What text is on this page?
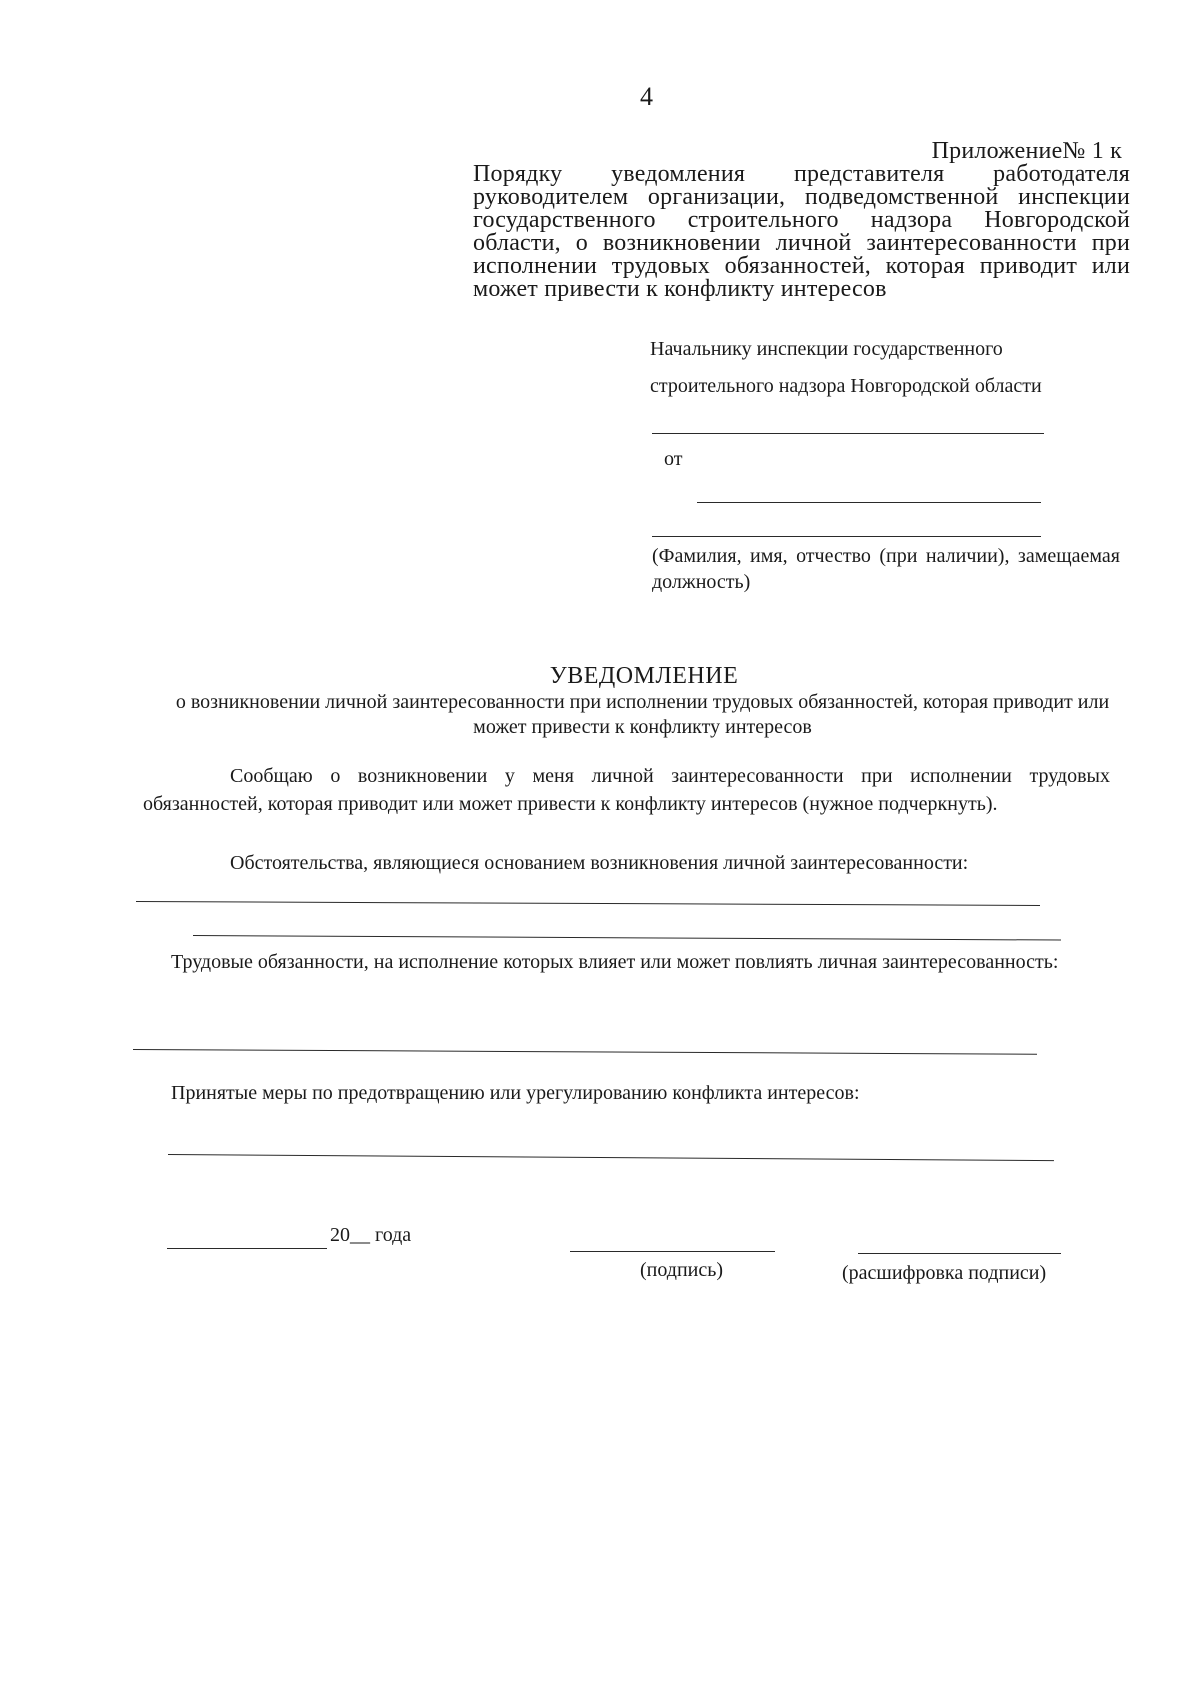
4
Приложение№ 1 к
Порядку уведомления представителя работодателя руководителем организации, подведомственной инспекции государственного строительного надзора Новгородской области, о возникновении личной заинтересованности при исполнении трудовых обязанностей, которая приводит или может привести к конфликту интересов
Начальнику инспекции государственного
строительного надзора Новгородской области
от
(Фамилия, имя, отчество (при наличии), замещаемая должность)
УВЕДОМЛЕНИЕ
о возникновении личной заинтересованности при исполнении трудовых обязанностей, которая приводит или может привести к конфликту интересов
Сообщаю о возникновении у меня личной заинтересованности при исполнении трудовых обязанностей, которая приводит или может привести к конфликту интересов (нужное подчеркнуть).
Обстоятельства, являющиеся основанием возникновения личной заинтересованности:
Трудовые обязанности, на исполнение которых влияет или может повлиять личная заинтересованность:
Принятые меры по предотвращению или урегулированию конфликта интересов:
20__ года
(подпись)	(расшифровка подписи)
